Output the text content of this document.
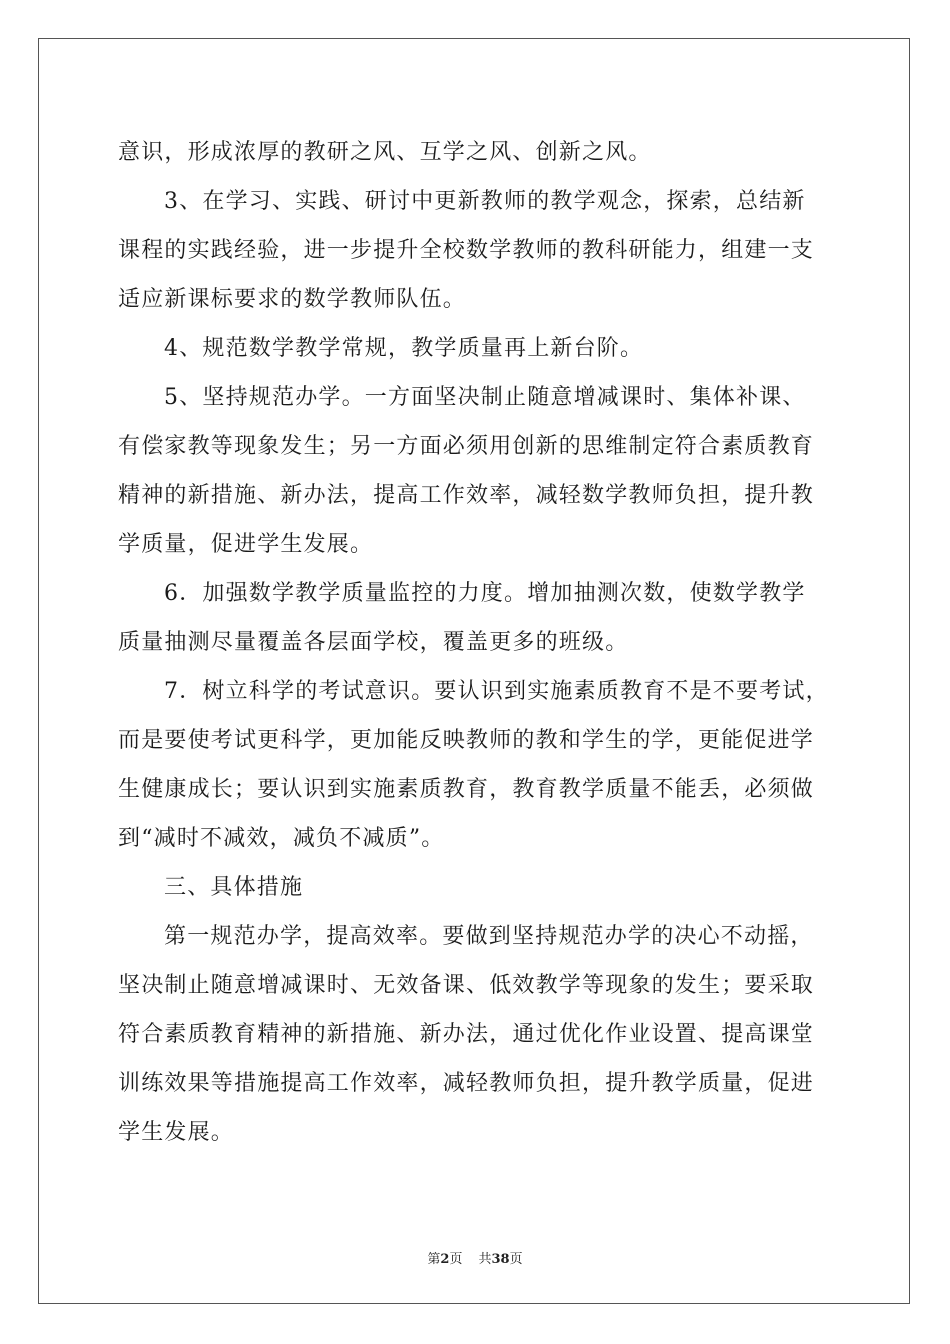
意识，形成浓厚的教研之风、互学之风、创新之风。

3、在学习、实践、研讨中更新教师的教学观念，探索，总结新

课程的实践经验，进一步提升全校数学教师的教科研能力，组建一支

适应新课标要求的数学教师队伍。

4、规范数学教学常规，教学质量再上新台阶。

5、坚持规范办学。一方面坚决制止随意增减课时、集体补课、

有偿家教等现象发生；另一方面必须用创新的思维制定符合素质教育

精神的新措施、新办法，提高工作效率，减轻数学教师负担，提升教

学质量，促进学生发展。

6．加强数学教学质量监控的力度。增加抽测次数，使数学教学

质量抽测尽量覆盖各层面学校，覆盖更多的班级。

7．树立科学的考试意识。要认识到实施素质教育不是不要考试，

而是要使考试更科学，更加能反映教师的教和学生的学，更能促进学

生健康成长；要认识到实施素质教育，教育教学质量不能丢，必须做

到“减时不减效，减负不减质”。

三、具体措施

第一规范办学，提高效率。要做到坚持规范办学的决心不动摇，

坚决制止随意增减课时、无效备课、低效教学等现象的发生；要采取

符合素质教育精神的新措施、新办法，通过优化作业设置、提高课堂

训练效果等措施提高工作效率，减轻教师负担，提升教学质量，促进

学生发展。

第2页 共38页
